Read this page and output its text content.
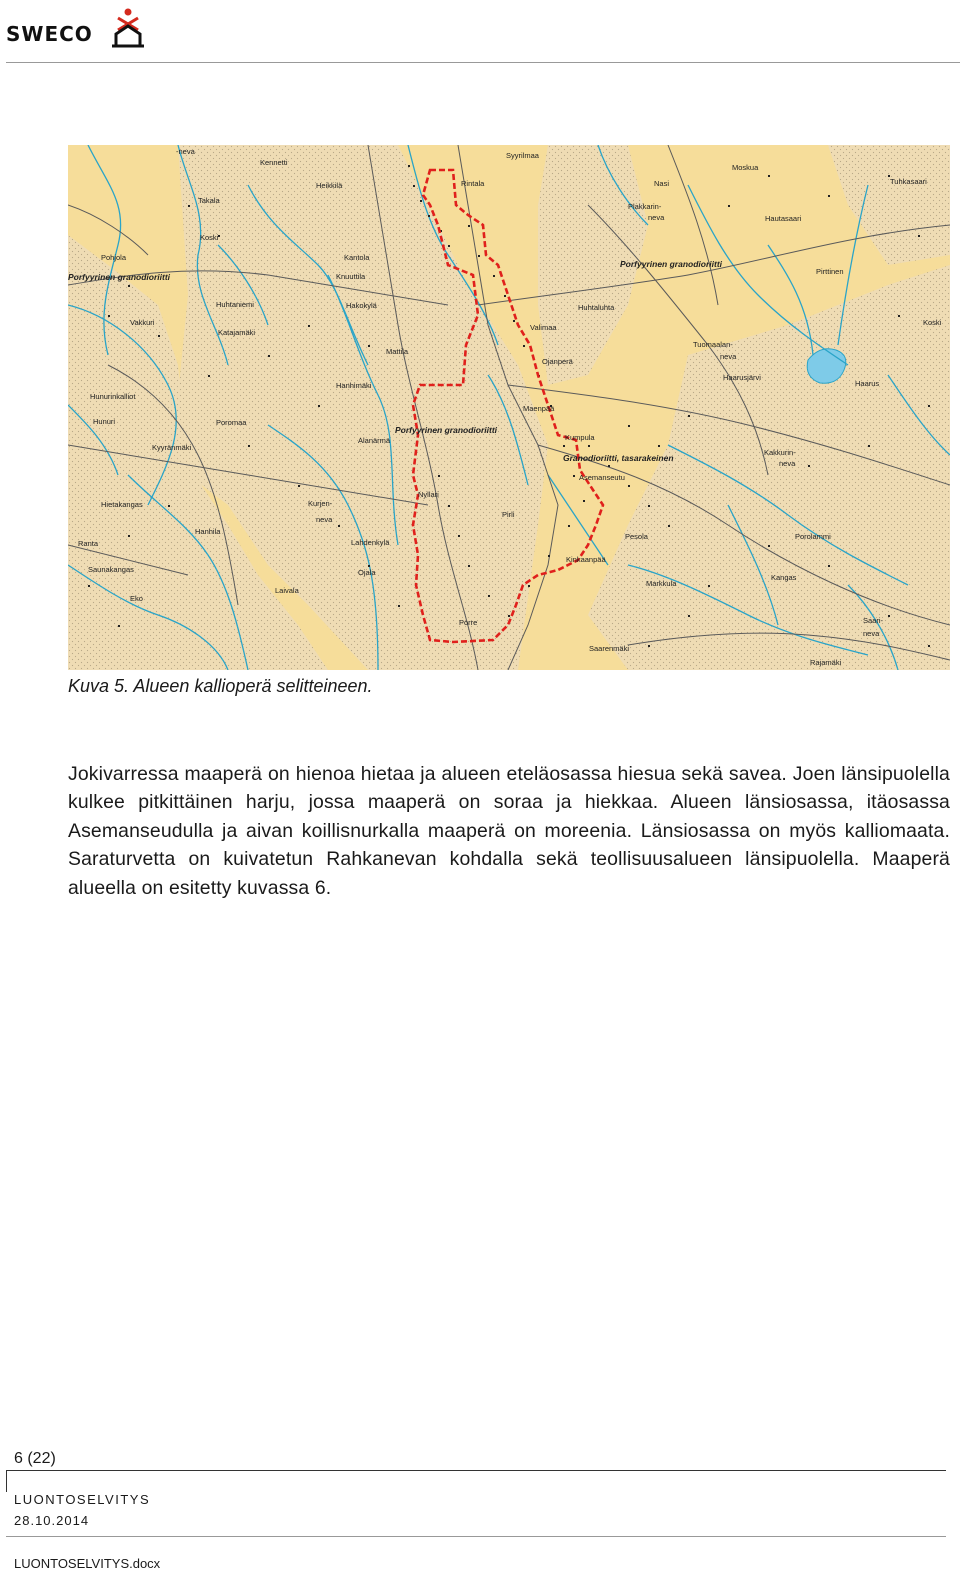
SWECO
-neva
Kennetti
Syyrilmaa
Moskua
Tuhkasaari
Heikkilä	Rintala	Nasi
Takala
Plakkarin-
neva	Hautasaari
Koski
Kantola
Pohjola
Porfyyrinen granodioriitti
Porfyyrinen granodioriitti
Knuuttila
Pirttinen
Huhtaniemi	Hakokylä	Huhtaluhta
Koski
Katajamäki
Vakkuri
Valimaa
Mattila
Ojanperä
Tuomaalan-
neva
Hanhimäki
Haarusjärvi
Haarus
Hunurinkalliot
Hunuri	Poromaa
Maenpää
Porfyyrinen granodioriitti
Kumpula
Kakkurin-
neva
Alanärmä
Granodioriitti, tasarakeinen
Kyyränmäki
Asemanseutu
Hietakangas	Kurjen-
neva
Nyllari
Hanhila
Pirli
Pesola	Porolammi
Ranta	Lahdenkylä
Saunakangas	Ojala
Kinkaanpää
Laivala
Markkula
Kangas
Eko
Porre
Saarenmäki
Saari-
neva
Rajamäki
Kuva 5. Alueen kallioperä selitteineen.

Jokivarressa maaperä on hienoa hietaa ja alueen eteläosassa hiesua sekä savea. Joen länsipuolella kulkee pitkittäinen harju, jossa maaperä on soraa ja hiekkaa. Alueen länsiosassa, itäosassa Asemanseudulla ja aivan koillisnurkalla maaperä on moreenia. Länsiosassa on myös kalliomaata. Saraturvetta on kuivatetun Rahkanevan kohdalla sekä teollisuusalueen länsipuolella. Maaperä alueella on esitetty kuvassa 6.

6 (22)
LUONTOSELVITYS
28.10.2014
LUONTOSELVITYS.docx
